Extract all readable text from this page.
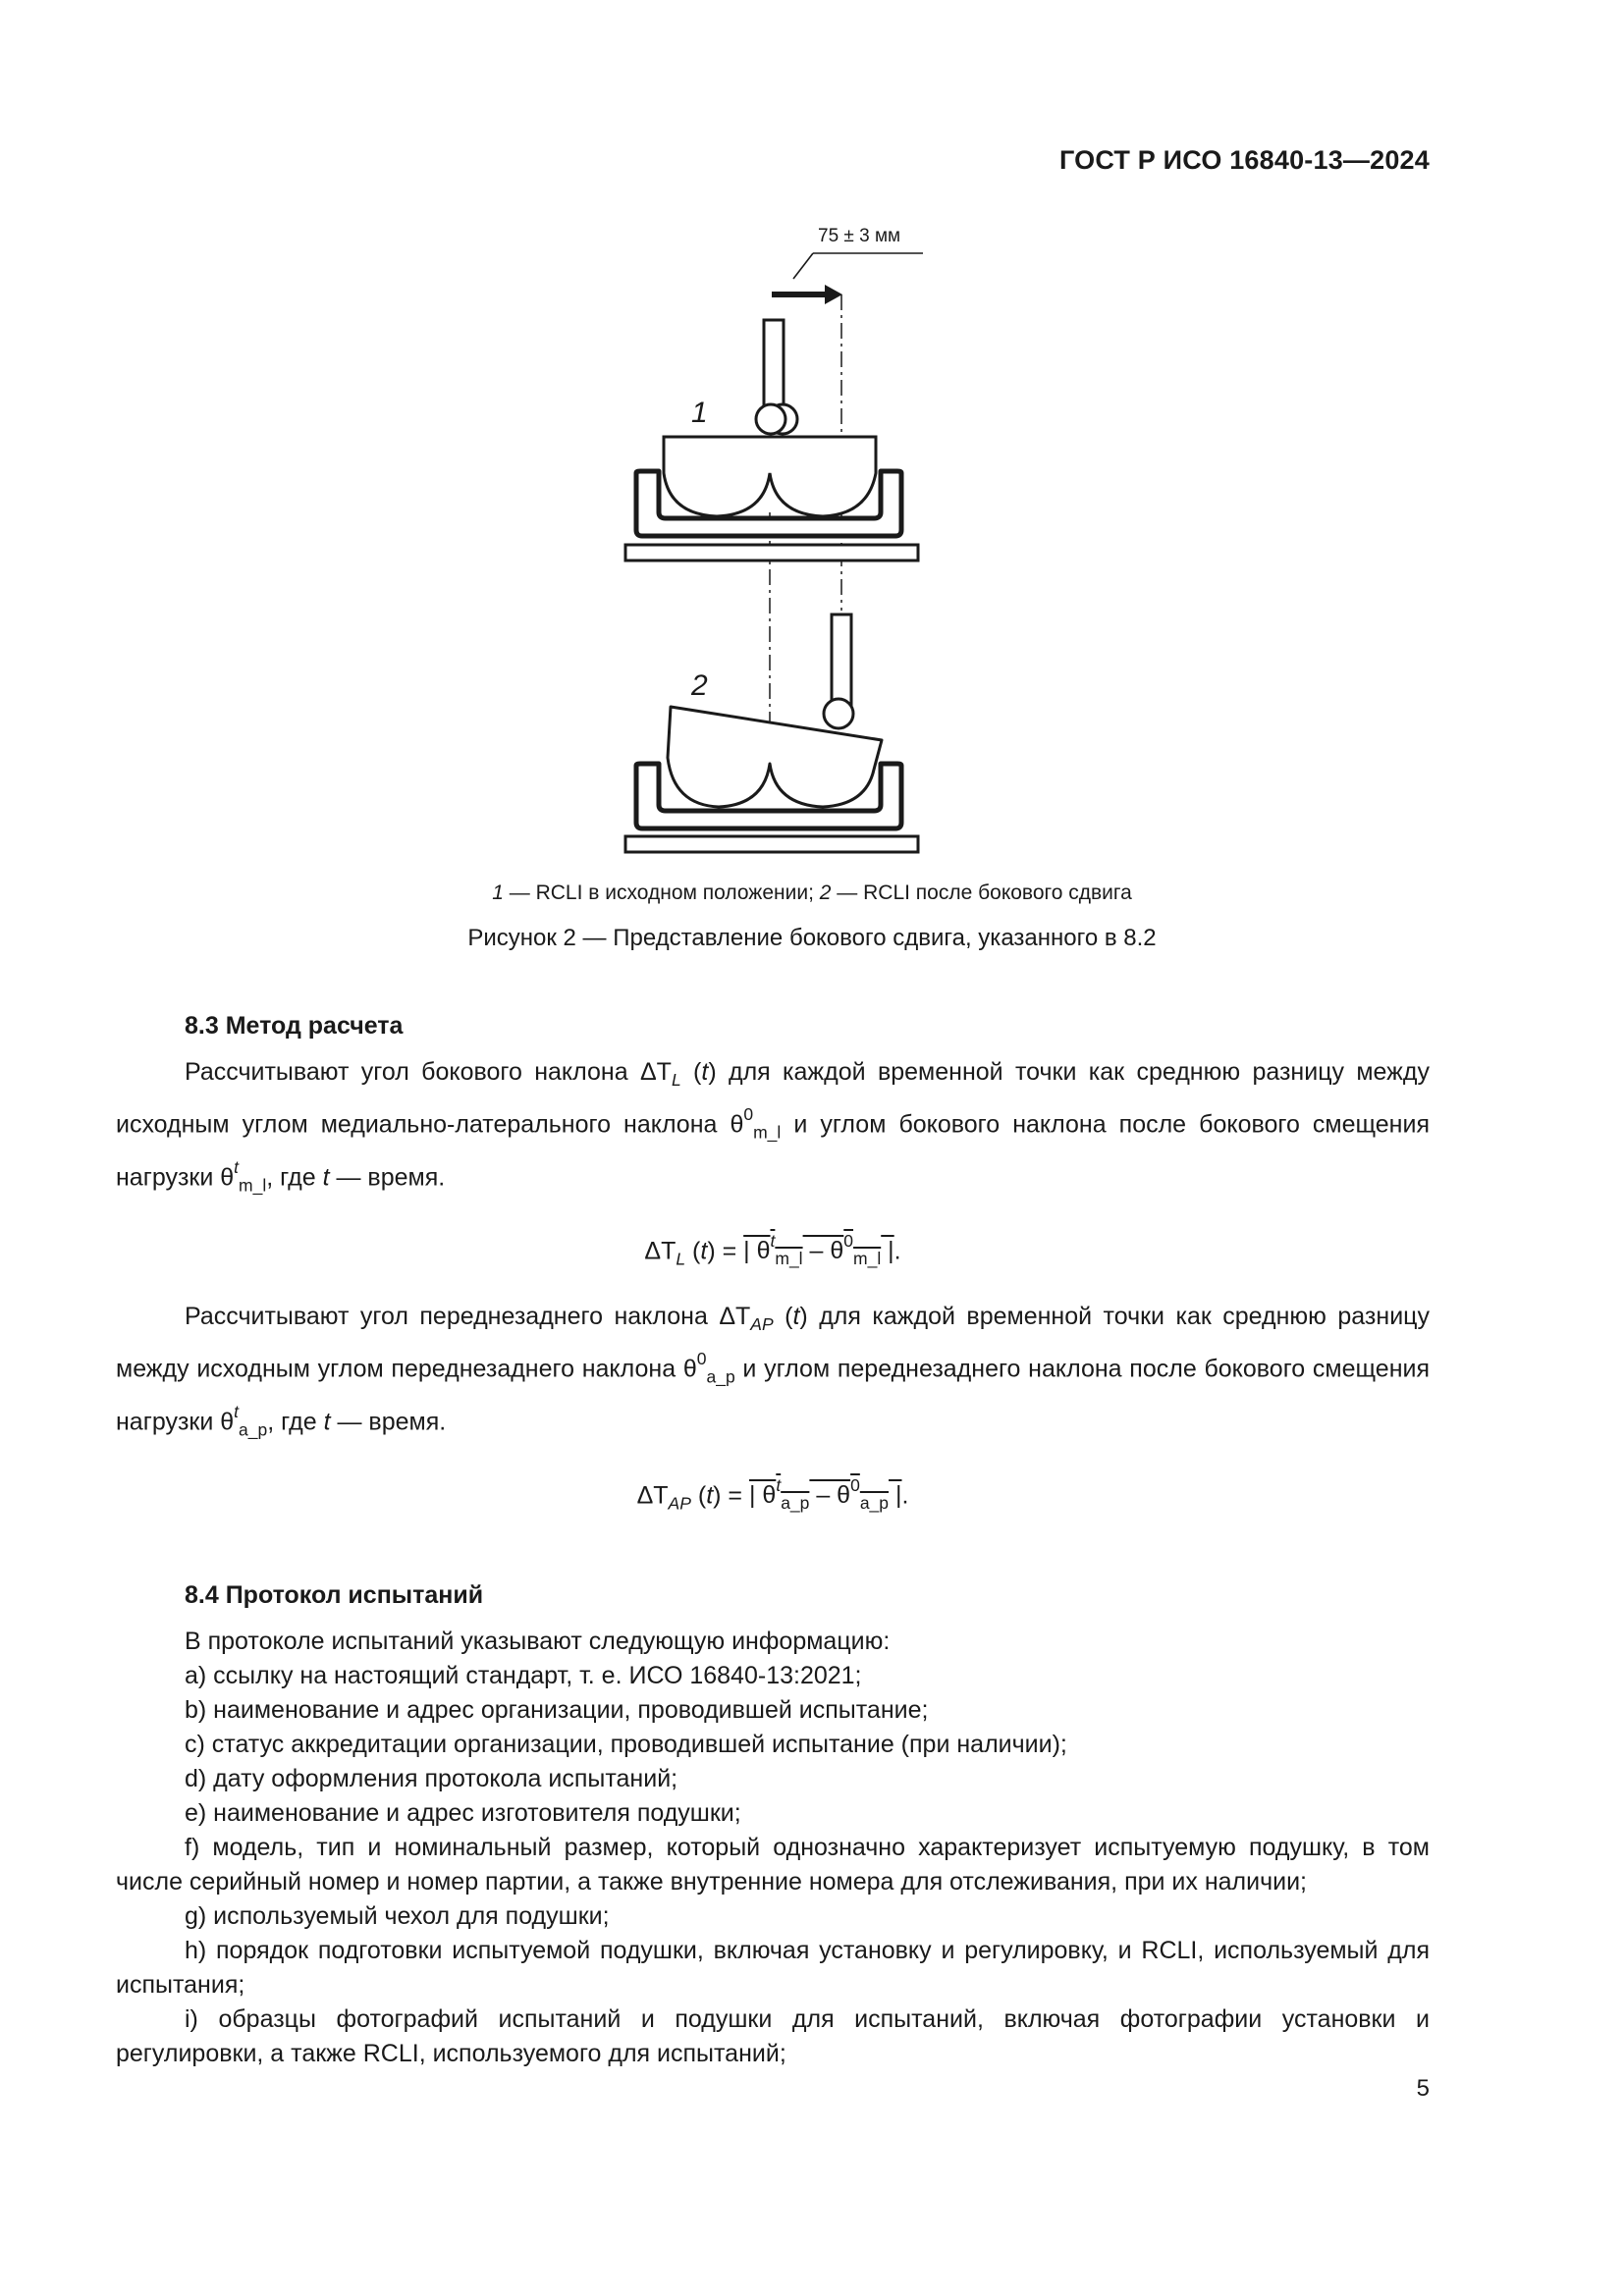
ГОСТ Р ИСО 16840-13—2024
75 ± 3 мм
1
2
1 — RCLI в исходном положении; 2 — RCLI после бокового сдвига
Рисунок 2 — Представление бокового сдвига, указанного в 8.2
8.3 Метод расчета

Рассчитывают угол бокового наклона $\Delta T_L$ (t) для каждой временной точки как среднюю разницу между исходным углом медиально-латерального наклона $\theta^0_{m\_l}$ и углом бокового наклона после бокового смещения нагрузки $\theta^t_{m\_l}$, где t — время.

$\Delta T_L$ (t) = | $\theta^t_{m\_l} - \theta^0_{m\_l}$ |.

Рассчитывают угол переднезаднего наклона $\Delta T_{AP}$ (t) для каждой временной точки как среднюю разницу между исходным углом переднезаднего наклона $\theta^0_{a\_p}$ и углом переднезаднего наклона после бокового смещения нагрузки $\theta^t_{a\_p}$, где t — время.

$\Delta T_{AP}$ (t) = | $\theta^t_{a\_p} - \theta^0_{a\_p}$ |.
8.4 Протокол испытаний

В протоколе испытаний указывают следующую информацию:

a) ссылку на настоящий стандарт, т. е. ИСО 16840-13:2021;

b) наименование и адрес организации, проводившей испытание;

c) статус аккредитации организации, проводившей испытание (при наличии);

d) дату оформления протокола испытаний;

e) наименование и адрес изготовителя подушки;

f) модель, тип и номинальный размер, который однозначно характеризует испытуемую подушку, в том числе серийный номер и номер партии, а также внутренние номера для отслеживания, при их наличии;

g) используемый чехол для подушки;

h) порядок подготовки испытуемой подушки, включая установку и регулировку, и RCLI, используемый для испытания;

i) образцы фотографий испытаний и подушки для испытаний, включая фотографии установки и регулировки, а также RCLI, используемого для испытаний;

5
